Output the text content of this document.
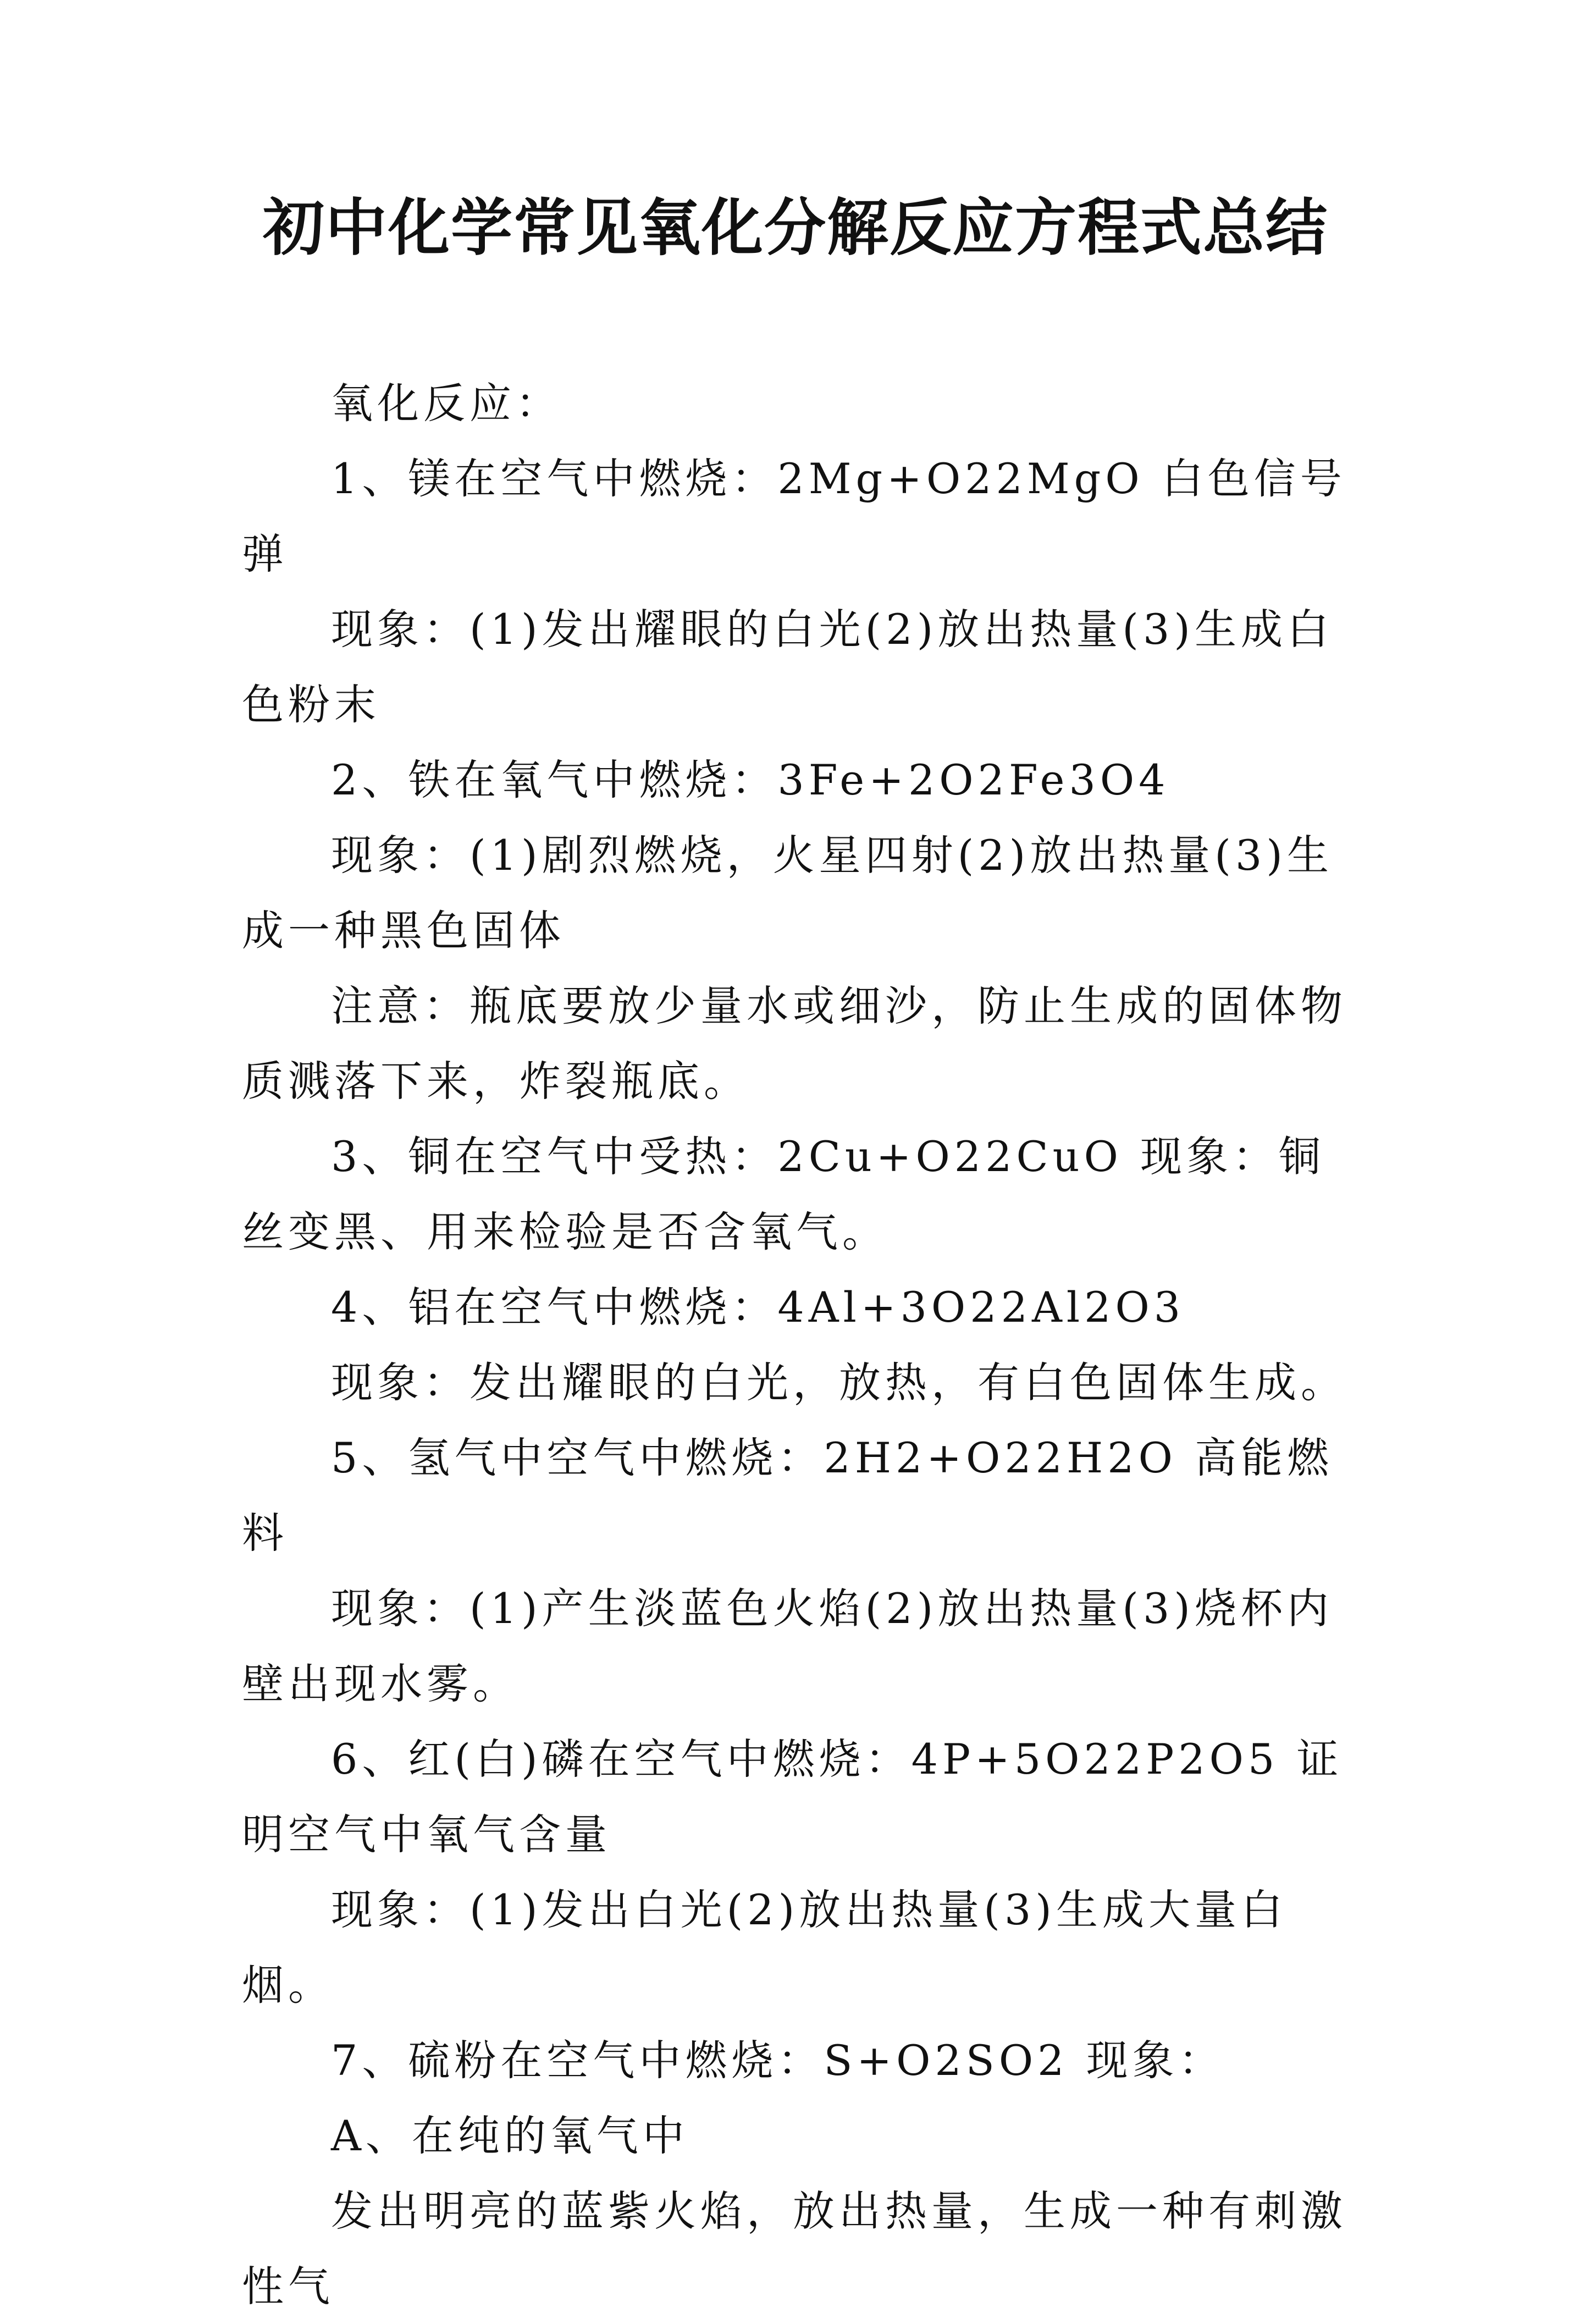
初中化学常见氧化分解反应方程式总结

氧化反应：

1、镁在空气中燃烧：2Mg+O22MgO 白色信号弹

现象：(1)发出耀眼的白光(2)放出热量(3)生成白色粉末

2、铁在氧气中燃烧：3Fe+2O2Fe3O4

现象：(1)剧烈燃烧，火星四射(2)放出热量(3)生成一种黑色固体

注意：瓶底要放少量水或细沙，防止生成的固体物质溅落下来，炸裂瓶底。

3、铜在空气中受热：2Cu+O22CuO 现象：铜丝变黑、用来检验是否含氧气。

4、铝在空气中燃烧：4Al+3O22Al2O3

现象：发出耀眼的白光，放热，有白色固体生成。

5、氢气中空气中燃烧：2H2+O22H2O 高能燃料

现象：(1)产生淡蓝色火焰(2)放出热量(3)烧杯内壁出现水雾。

6、红(白)磷在空气中燃烧：4P+5O22P2O5 证明空气中氧气含量

现象：(1)发出白光(2)放出热量(3)生成大量白烟。

7、硫粉在空气中燃烧：S+O2SO2 现象：

A、在纯的氧气中

发出明亮的蓝紫火焰，放出热量，生成一种有刺激性气
